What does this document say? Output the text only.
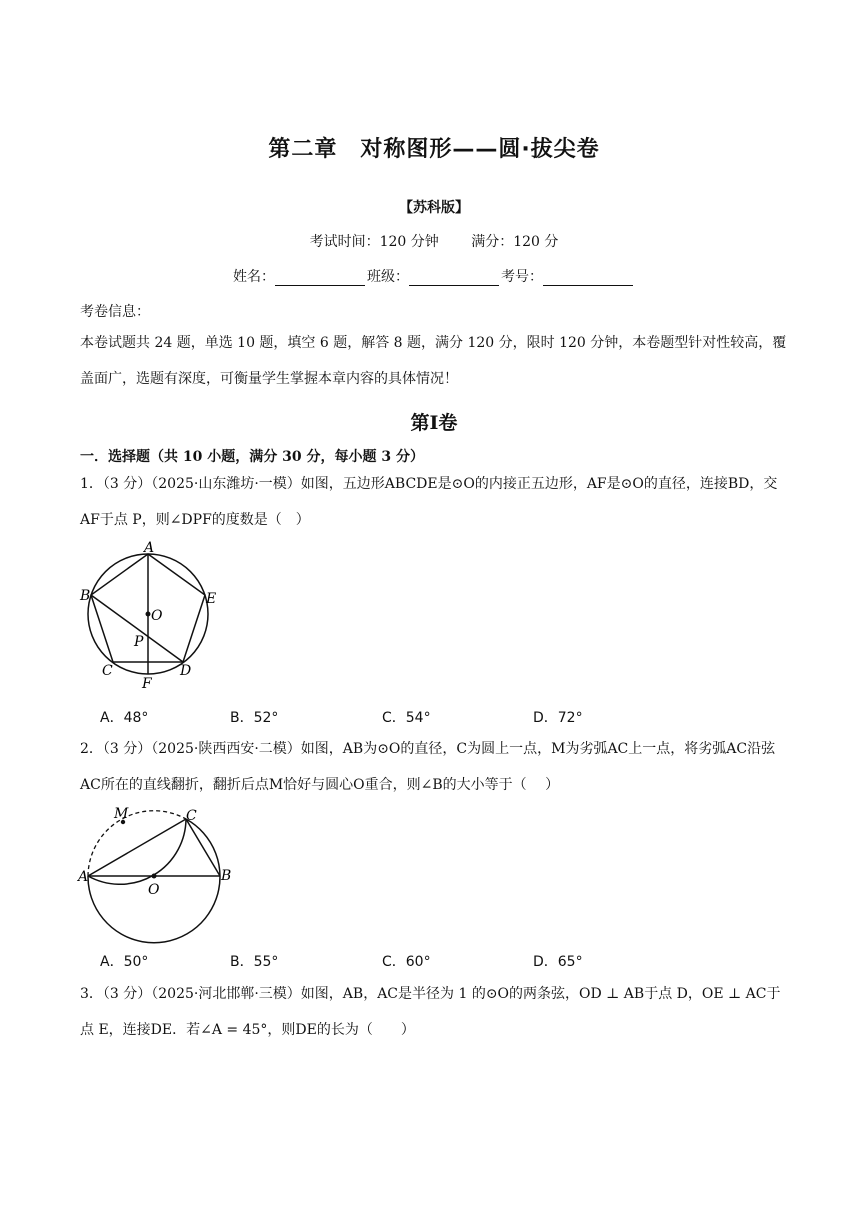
第二章　对称图形——圆·拔尖卷
【苏科版】
考试时间：120 分钟 满分：120 分
姓名：	班级：	考号：
考卷信息：
本卷试题共 24 题，单选 10 题，填空 6 题，解答 8 题，满分 120 分，限时 120 分钟，本卷题型针对性较高，覆盖面广，选题有深度，可衡量学生掌握本章内容的具体情况！
第Ⅰ卷
一．选择题（共 10 小题，满分 30 分，每小题 3 分）
1．（3 分）（2025·山东潍坊·一模）如图，五边形ABCDE是⊙O的内接正五边形，AF是⊙O的直径，连接BD，交AF于点 P，则∠DPF的度数是（　）
A
B
C	D
E
F
O
P
A．48°	B．52°	C．54°	D．72°
2．（3 分）（2025·陕西西安·二模）如图，AB为⊙O的直径，C为圆上一点，M为劣弧AC上一点，将劣弧AC沿弦AC所在的直线翻折，翻折后点M恰好与圆心O重合，则∠B的大小等于（　 ）
M	C
A
O
B
A．50°	B．55°	C．60°	D．65°
3．（3 分）（2025·河北邯郸·三模）如图，AB，AC是半径为 1 的⊙O的两条弦，OD ⊥ AB于点 D，OE ⊥ AC于点 E，连接DE．若∠A = 45°，则DE的长为（　　）
